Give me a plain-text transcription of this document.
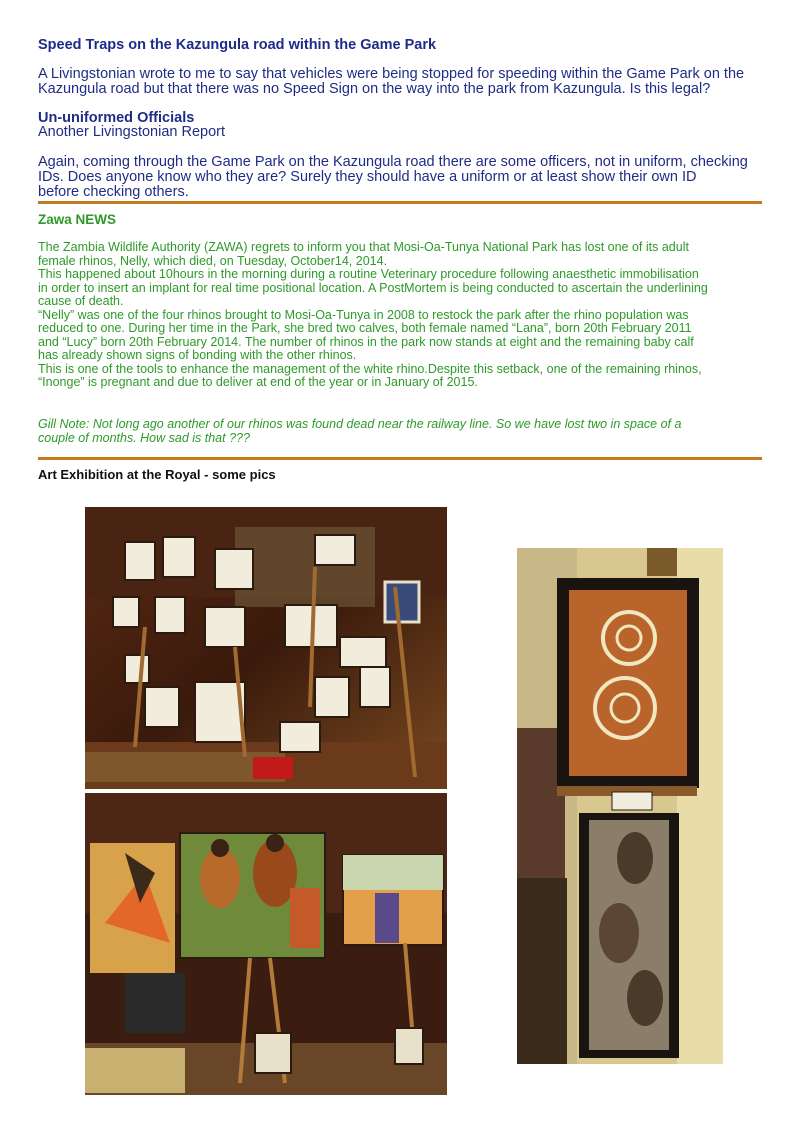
Speed Traps on the Kazungula road within the Game Park
A Livingstonian wrote to me to say that vehicles were being stopped for speeding within the Game Park on the
Kazungula road but that there was no Speed Sign on the way into the park from Kazungula. Is this legal?
Un-uniformed Officials
Another Livingstonian Report
Again, coming through the Game Park on the Kazungula road there are some officers, not in uniform, checking
IDs. Does anyone know who they are? Surely they should have a uniform or at least show their own ID
before checking others.
Zawa NEWS
The Zambia Wildlife Authority (ZAWA) regrets to inform you that Mosi-Oa-Tunya National Park has lost one of its adult
female rhinos, Nelly, which died, on Tuesday, October14, 2014.
This happened about 10hours in the morning during a routine Veterinary procedure following anaesthetic immobilisation
in order to insert an implant for real time positional location. A PostMortem is being conducted to ascertain the underlining
cause of death.
“Nelly” was one of the four rhinos brought to Mosi-Oa-Tunya in 2008 to restock the park after the rhino population was
reduced to one. During her time in the Park, she bred two calves, both female named “Lana”, born 20th February 2011
and “Lucy” born 20th February 2014. The number of rhinos in the park now stands at eight and the remaining baby calf
has already shown signs of bonding with the other rhinos.
This is one of the tools to enhance the management of the white rhino.Despite this setback, one of the remaining rhinos,
“Inonge” is pregnant and due to deliver at end of the year or in January of 2015.
Gill Note: Not long ago another of our rhinos was found dead near the railway line. So we have lost two in space of a
couple of months. How sad is that ???
Art Exhibition at the Royal - some pics
